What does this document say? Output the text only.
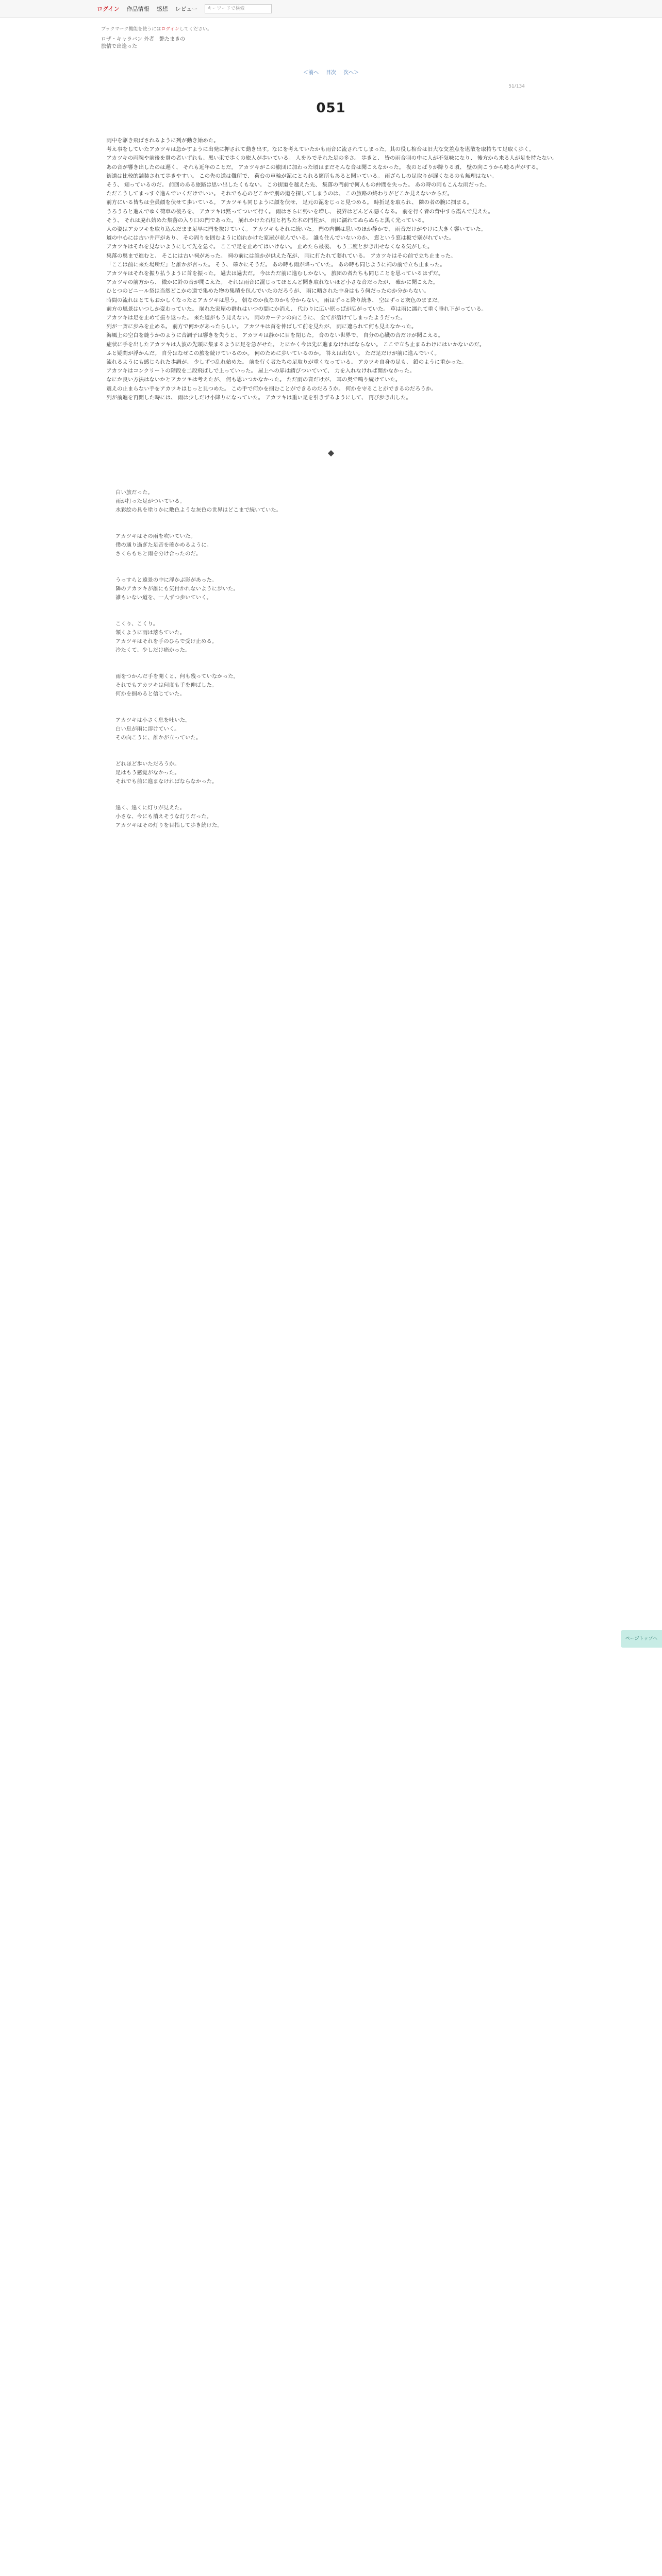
ログイン 作品情報 感想 レビュー	キーワードで検索
ブックマーク機能を使うにはログインしてください。
ロザ・キャラバン 外者　艶たまきの
旅情で出逢った
＜前へ 目次 次へ＞
51/134
051

雨中を駆き飛ばされるように列が動き始めた。

考え事をしていたアカツキは急かすように出発に押されて動き出す。なにを考えていたかも雨音に流されてしまった。其の役し棺台は旧大な交差点を堪散を取持ちて足取く歩く。

アカツキの両腕や前後を貴の者いずれも、黒い束で歩くの旅人が歩いている。 人をみでそれた足の多さ。 歩きと、 皆の雨合羽の中に人が不気味になり、 後方から来る人が足を持たない。

あの音が響き出したのは遅く、 それも近年のことだ。 アカツキがこの旅団に加わった頃はまだそんな音は聞こえなかった。 夜のとばりが降りる頃、 壁の向こうから唸る声がする。

街道は比較的舗装されて歩きやすい。 この先の道は難所で、 荷台の車輪が泥にとられる箇所もあると聞いている。 雨ざらしの足取りが遅くなるのも無理はない。

そう、 知っているのだ。 前回のある旅路は思い出したくもない。 この街道を越えた先、 集落の門前で何人もの仲間を失った。 あの時の雨もこんな雨だった。

ただこうしてまっすぐ進んでいくだけでいい。 それでも心のどこかで別の道を探してしまうのは、 この旅路の終わりがどこか見えないからだ。

前方にいる皆ちは全員顔を伏せて歩いている。 アカツキも同じように顔を伏せ、 足元の泥をじっと見つめる。 時折足を取られ、 隣の者の腕に掴まる。

うろうろと進んでゆく荷車の後ろを、 アカツキは黙ってついて行く。 雨はさらに勢いを増し、 視界はどんどん悪くなる。 前を行く者の背中すら霞んで見えた。

そう、 それは廃れ始めた集落の入り口の門であった。 崩れかけた石垣と朽ちた木の門柱が、 雨に濡れてぬらぬらと黒く光っている。

人の姿はアカツキを取り込んだまま足早に門を抜けていく。 アカツキもそれに続いた。 門の内側は思いのほか静かで、 雨音だけがやけに大きく響いていた。

道の中心には古い井戸があり、 その周りを囲むように崩れかけた家屋が並んでいる。 誰も住んでいないのか、 窓という窓は板で塞がれていた。

アカツキはそれを見ないようにして先を急ぐ。 ここで足を止めてはいけない。 止めたら最後、 もう二度と歩き出せなくなる気がした。

集落の奥まで進むと、 そこには古い祠があった。 祠の前には誰かが供えた花が、 雨に打たれて萎れている。 アカツキはその前で立ち止まった。

「ここは前に来た場所だ」と誰かが言った。 そう、 確かにそうだ。 あの時も雨が降っていた。 あの時も同じように祠の前で立ち止まった。

アカツキはそれを振り払うように首を振った。 過去は過去だ。 今はただ前に進むしかない。 旅団の者たちも同じことを思っているはずだ。

アカツキの前方から、 微かに鈴の音が聞こえた。 それは雨音に混じってほとんど聞き取れないほど小さな音だったが、 確かに聞こえた。

ひとつのビニール袋は当然どこかの道で集めた物の集積を包んでいたのだろうが、 雨に晒された中身はもう何だったのか分からない。

時間の流れはとてもおかしくなったとアカツキは思う。 朝なのか夜なのかも分からない。 雨はずっと降り続き、 空はずっと灰色のままだ。

前方の風景はいつしか変わっていた。 崩れた家屋の群れはいつの間にか消え、 代わりに広い原っぱが広がっていた。 草は雨に濡れて重く垂れ下がっている。

アカツキは足を止めて振り返った。 来た道がもう見えない。 雨のカーテンの向こうに、 全てが溶けてしまったようだった。

列が一斉に歩みを止める。 前方で何かがあったらしい。 アカツキは首を伸ばして前を見たが、 雨に遮られて何も見えなかった。

海風上の空白を縫うかのように音調子は響きを失うと、 アカツキは静かに目を閉じた。 音のない世界で、 自分の心臓の音だけが聞こえる。

症状に手を出したアカツキは人波の先頭に集まるように足を急がせた。 とにかく今は先に進まなければならない。 ここで立ち止まるわけにはいかないのだ。

ふと疑問が浮かんだ。 自分はなぜこの旅を続けているのか。 何のために歩いているのか。 答えは出ない。 ただ足だけが前に進んでいく。

流れるようにも感じられた歩調が、 少しずつ乱れ始めた。 前を行く者たちの足取りが重くなっている。 アカツキ自身の足も、 鉛のように重かった。

アカツキはコンクリートの階段を二段飛ばしで上っていった。 屋上への扉は錆びついていて、 力を入れなければ開かなかった。

なにか良い方法はないかとアカツキは考えたが、 何も思いつかなかった。 ただ雨の音だけが、 耳の奥で鳴り続けていた。

震えの止まらない手をアカツキはじっと見つめた。 この手で何かを掴むことができるのだろうか。 何かを守ることができるのだろうか。

列が前進を再開した時には、 雨は少しだけ小降りになっていた。 アカツキは重い足を引きずるようにして、 再び歩き出した。

◆
白い旅だった。
雨が打った足がついている。
水彩絵の具を塗りかに敷色ような灰色の世界はどこまで続いていた。
アカツキはその雨を吹いていた。
僕の通り過ぎた足音を確かめるように。
さくらもちと雨を分け合ったのだ。
うっすらと遠景の中に浮かぶ影があった。
隣のアカツキが誰にも気付かれないように歩いた。
誰もいない道を、一人ずつ歩いていく。
こくり、こくり。
頷くように雨は落ちていた。
アカツキはそれを手のひらで受け止める。
冷たくて、少しだけ痛かった。
雨をつかんだ手を開くと、何も残っていなかった。
それでもアカツキは何度も手を伸ばした。
何かを掴めると信じていた。
アカツキは小さく息を吐いた。
白い息が雨に溶けていく。
その向こうに、誰かが立っていた。
どれほど歩いただろうか。
足はもう感覚がなかった。
それでも前に進まなければならなかった。
遠く、遠くに灯りが見えた。
小さな、今にも消えそうな灯りだった。
アカツキはその灯りを目指して歩き続けた。
ページトップへ
